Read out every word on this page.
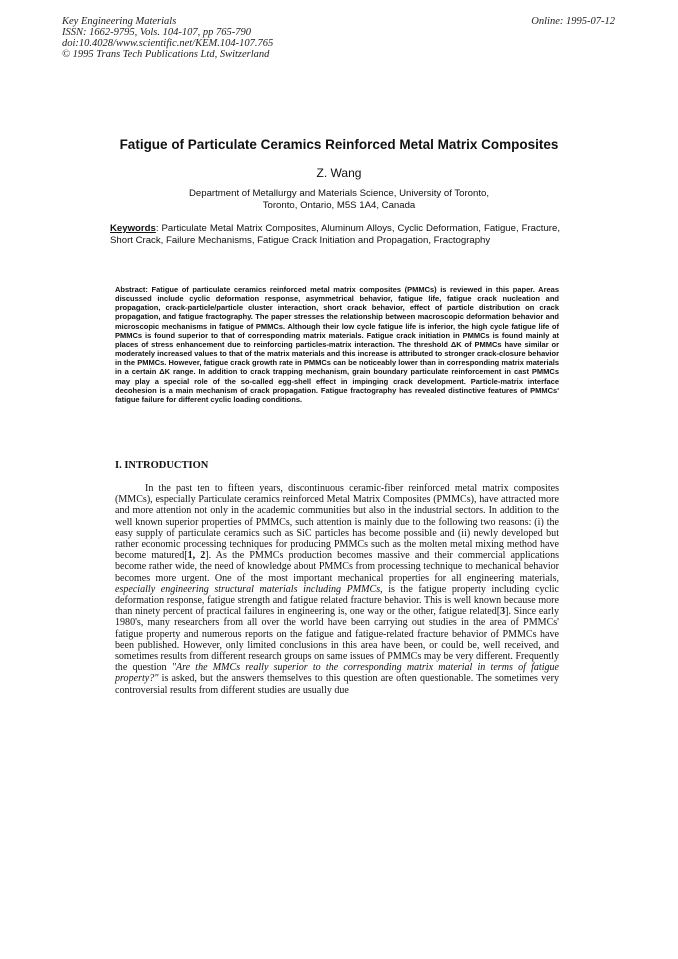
Key Engineering Materials
ISSN: 1662-9795, Vols. 104-107, pp 765-790
doi:10.4028/www.scientific.net/KEM.104-107.765
© 1995 Trans Tech Publications Ltd, Switzerland
Online: 1995-07-12
Fatigue of Particulate Ceramics Reinforced Metal Matrix Composites
Z. Wang
Department of Metallurgy and Materials Science, University of Toronto,
Toronto, Ontario, M5S 1A4, Canada
Keywords: Particulate Metal Matrix Composites, Aluminum Alloys, Cyclic Deformation, Fatigue, Fracture, Short Crack, Failure Mechanisms, Fatigue Crack Initiation and Propagation, Fractography
Abstract: Fatigue of particulate ceramics reinforced metal matrix composites (PMMCs) is reviewed in this paper. Areas discussed include cyclic deformation response, asymmetrical behavior, fatigue life, fatigue crack nucleation and propagation, crack-particle/particle cluster interaction, short crack behavior, effect of particle distribution on crack propagation, and fatigue fractography. The paper stresses the relationship between macroscopic deformation behavior and microscopic mechanisms in fatigue of PMMCs. Although their low cycle fatigue life is inferior, the high cycle fatigue life of PMMCs is found superior to that of corresponding matrix materials. Fatigue crack initiation in PMMCs is found mainly at places of stress enhancement due to reinforcing particles-matrix interaction. The threshold ΔK of PMMCs have similar or moderately increased values to that of the matrix materials and this increase is attributed to stronger crack-closure behavior in the PMMCs. However, fatigue crack growth rate in PMMCs can be noticeably lower than in corresponding matrix materials in a certain ΔK range. In addition to crack trapping mechanism, grain boundary particulate reinforcement in cast PMMCs may play a special role of the so-called egg-shell effect in impinging crack development. Particle-matrix interface decohesion is a main mechanism of crack propagation. Fatigue fractography has revealed distinctive features of PMMCs' fatigue failure for different cyclic loading conditions.
I. INTRODUCTION

In the past ten to fifteen years, discontinuous ceramic-fiber reinforced metal matrix composites (MMCs), especially Particulate ceramics reinforced Metal Matrix Composites (PMMCs), have attracted more and more attention not only in the academic communities but also in the industrial sectors. In addition to the well known superior properties of PMMCs, such attention is mainly due to the following two reasons: (i) the easy supply of particulate ceramics such as SiC particles has become possible and (ii) newly developed but rather economic processing techniques for producing PMMCs such as the molten metal mixing method have become matured[1, 2]. As the PMMCs production becomes massive and their commercial applications become rather wide, the need of knowledge about PMMCs from processing technique to mechanical behavior becomes more urgent. One of the most important mechanical properties for all engineering materials, especially engineering structural materials including PMMCs, is the fatigue property including cyclic deformation response, fatigue strength and fatigue related fracture behavior. This is well known because more than ninety percent of practical failures in engineering is, one way or the other, fatigue related[3]. Since early 1980's, many researchers from all over the world have been carrying out studies in the area of PMMCs' fatigue property and numerous reports on the fatigue and fatigue-related fracture behavior of PMMCs have been published. However, only limited conclusions in this area have been, or could be, well received, and sometimes results from different research groups on same issues of PMMCs may be very different. Frequently the question "Are the MMCs really superior to the corresponding matrix material in terms of fatigue property?" is asked, but the answers themselves to this question are often questionable. The sometimes very controversial results from different studies are usually due
